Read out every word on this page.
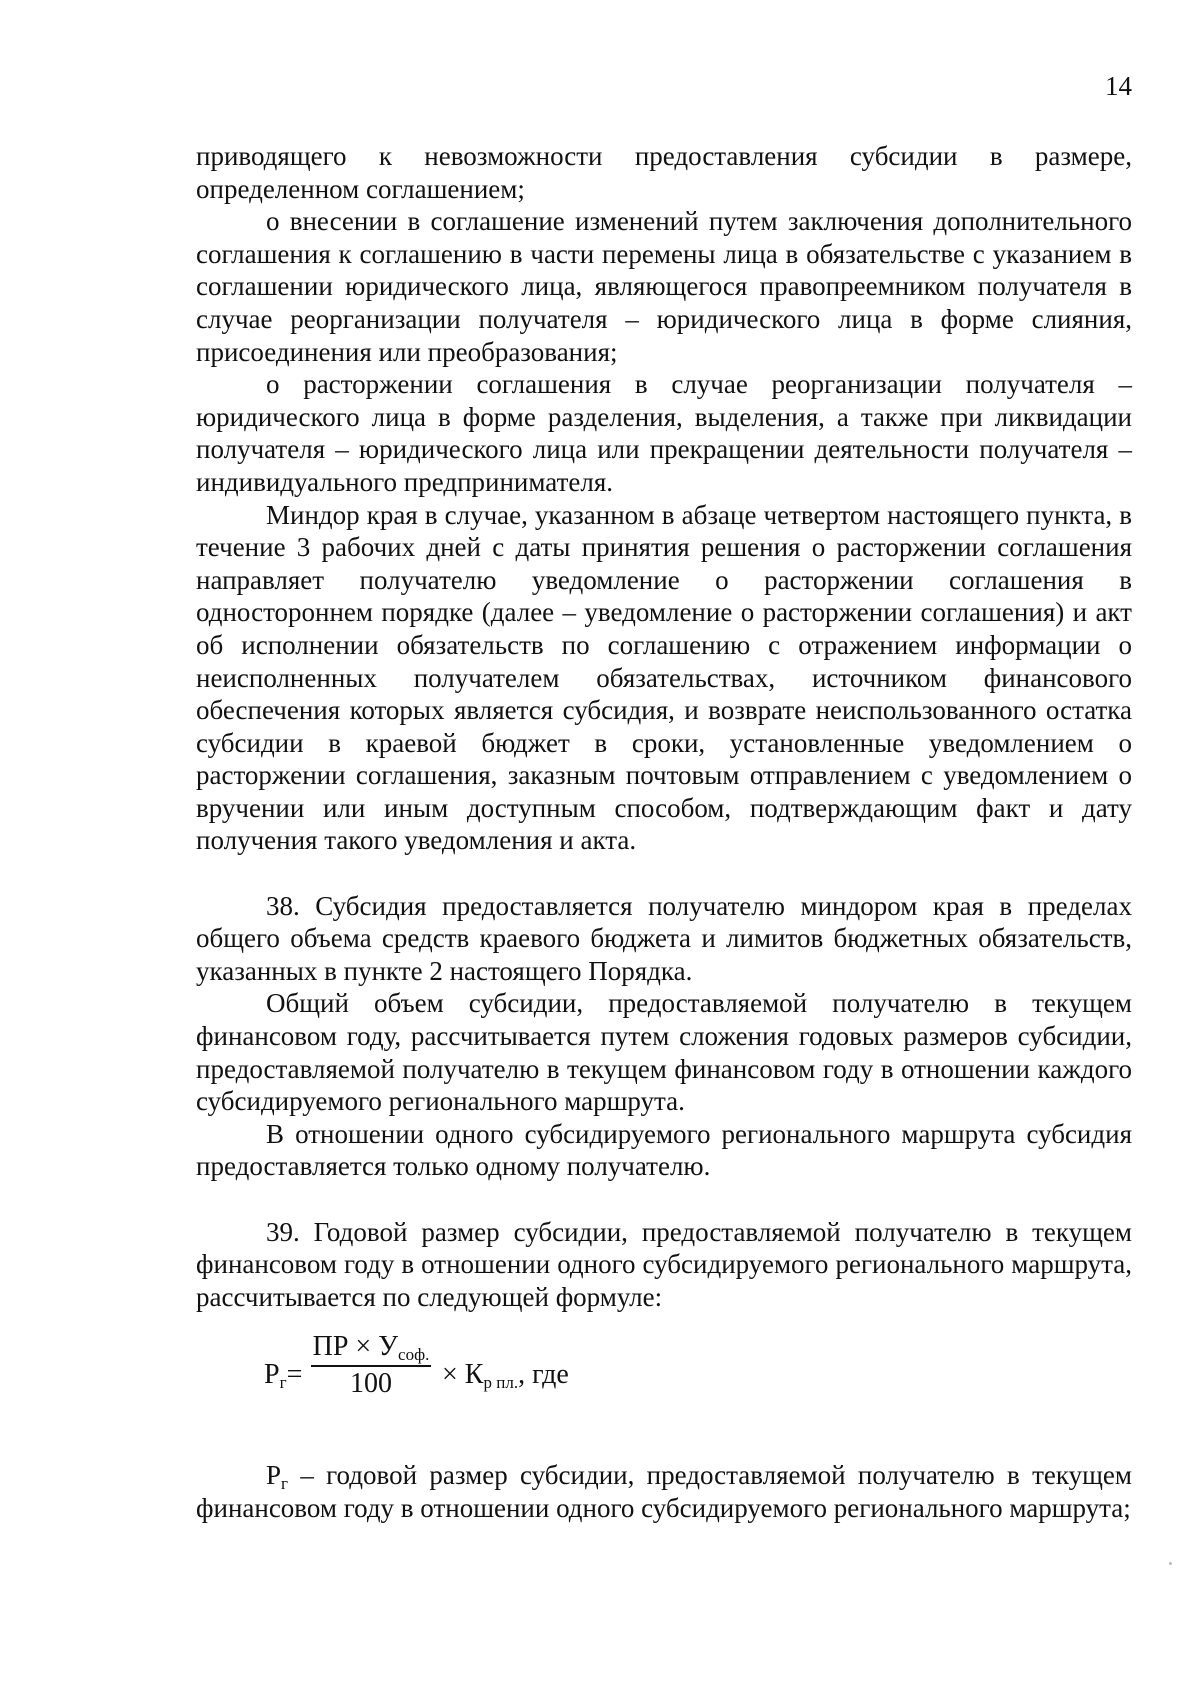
14

приводящего к невозможности предоставления субсидии в размере, определенном соглашением;

о внесении в соглашение изменений путем заключения дополнительного соглашения к соглашению в части перемены лица в обязательстве с указанием в соглашении юридического лица, являющегося правопреемником получателя в случае реорганизации получателя – юридического лица в форме слияния, присоединения или преобразования;

о расторжении соглашения в случае реорганизации получателя – юридического лица в форме разделения, выделения, а также при ликвидации получателя – юридического лица или прекращении деятельности получателя – индивидуального предпринимателя.

Миндор края в случае, указанном в абзаце четвертом настоящего пункта, в течение 3 рабочих дней с даты принятия решения о расторжении соглашения направляет получателю уведомление о расторжении соглашения в одностороннем порядке (далее – уведомление о расторжении соглашения) и акт об исполнении обязательств по соглашению с отражением информации о неисполненных получателем обязательствах, источником финансового обеспечения которых является субсидия, и возврате неиспользованного остатка субсидии в краевой бюджет в сроки, установленные уведомлением о расторжении соглашения, заказным почтовым отправлением с уведомлением о вручении или иным доступным способом, подтверждающим факт и дату получения такого уведомления и акта.

38. Субсидия предоставляется получателю миндором края в пределах общего объема средств краевого бюджета и лимитов бюджетных обязательств, указанных в пункте 2 настоящего Порядка.

Общий объем субсидии, предоставляемой получателю в текущем финансовом году, рассчитывается путем сложения годовых размеров субсидии, предоставляемой получателю в текущем финансовом году в отношении каждого субсидируемого регионального маршрута.

В отношении одного субсидируемого регионального маршрута субсидия предоставляется только одному получателю.

39. Годовой размер субсидии, предоставляемой получателю в текущем финансовом году в отношении одного субсидируемого регионального маршрута, рассчитывается по следующей формуле:

$Р_г=$
ПР × $У_{соф.}$
100	× $К_{р пл.}$, где

$Р_г$ – годовой размер субсидии, предоставляемой получателю в текущем финансовом году в отношении одного субсидируемого регионального маршрута;
